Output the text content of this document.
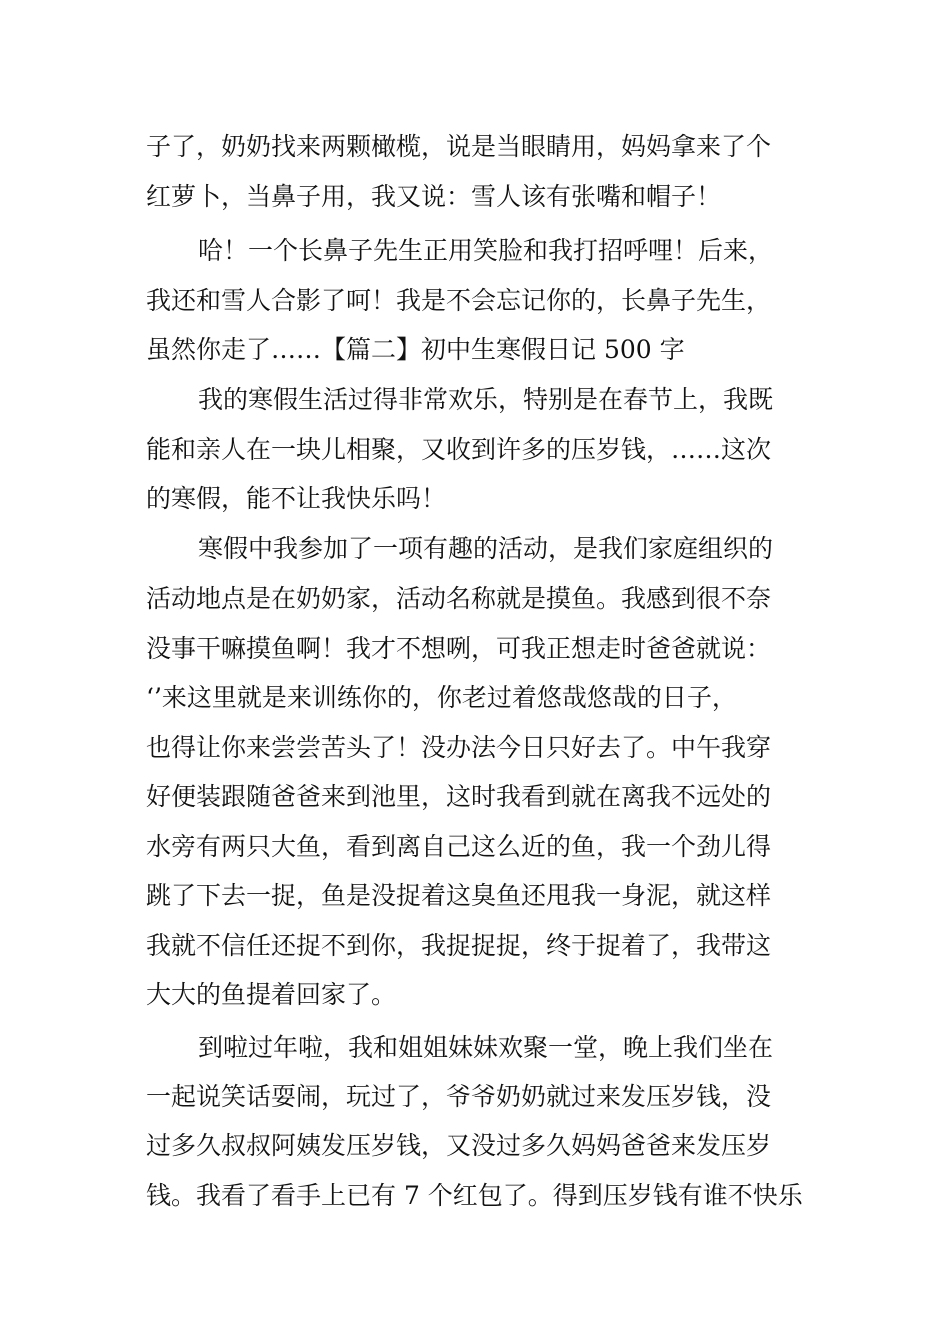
子了，奶奶找来两颗橄榄，说是当眼睛用，妈妈拿来了个
红萝卜，当鼻子用，我又说：雪人该有张嘴和帽子！
哈！一个长鼻子先生正用笑脸和我打招呼哩！后来，
我还和雪人合影了呵！我是不会忘记你的，长鼻子先生，
虽然你走了……【篇二】初中生寒假日记 500 字
我的寒假生活过得非常欢乐，特别是在春节上，我既
能和亲人在一块儿相聚，又收到许多的压岁钱，……这次
的寒假，能不让我快乐吗！
寒假中我参加了一项有趣的活动，是我们家庭组织的
活动地点是在奶奶家，活动名称就是摸鱼。我感到很不奈
没事干嘛摸鱼啊！我才不想咧，可我正想走时爸爸就说：
‘’来这里就是来训练你的，你老过着悠哉悠哉的日子，
也得让你来尝尝苦头了！没办法今日只好去了。中午我穿
好便装跟随爸爸来到池里，这时我看到就在离我不远处的
水旁有两只大鱼，看到离自己这么近的鱼，我一个劲儿得
跳了下去一捉，鱼是没捉着这臭鱼还甩我一身泥，就这样
我就不信任还捉不到你，我捉捉捉，终于捉着了，我带这
大大的鱼提着回家了。
到啦过年啦，我和姐姐妹妹欢聚一堂，晚上我们坐在
一起说笑话耍闹，玩过了，爷爷奶奶就过来发压岁钱，没
过多久叔叔阿姨发压岁钱，又没过多久妈妈爸爸来发压岁
钱。我看了看手上已有 7 个红包了。得到压岁钱有谁不快乐
